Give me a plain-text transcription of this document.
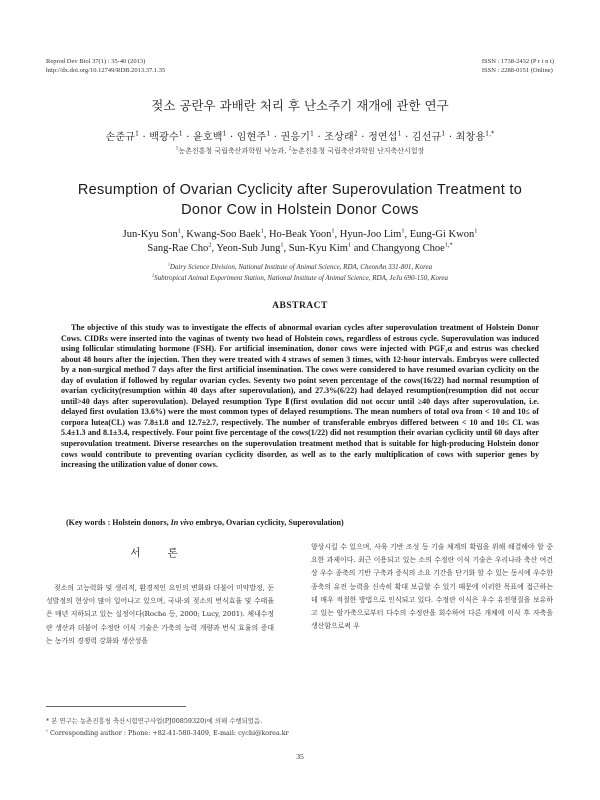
Reprod Dev Biol 37(1) : 35-40 (2013)
http://dx.doi.org/10.12749/RDB.2013.37.1.35
ISSN : 1738-2432 (P r i n t)
ISSN : 2288-0151 (Online)
젖소 공란우 과배란 처리 후 난소주기 재개에 관한 연구
손준규$^1$ · 백광수$^1$ · 윤호백$^1$ · 임현주$^1$ · 권응기$^1$ · 조상래$^2$ · 정연섭$^1$ · 김선규$^1$ · 최창용$^{1,*}$
$^1$농촌진흥청 국립축산과학원 낙농과, $^2$농촌진흥청 국립축산과학원 난지축산시험장
Resumption of Ovarian Cyclicity after Superovulation Treatment to
Donor Cow in Holstein Donor Cows
Jun-Kyu Son$^1$, Kwang-Soo Baek$^1$, Ho-Beak Yoon$^1$, Hyun-Joo Lim$^1$, Eung-Gi Kwon$^1$
Sang-Rae Cho$^2$, Yeon-Sub Jung$^1$, Sun-Kyu Kim$^1$ and Changyong Choe$^{1,*}$
$^1$Dairy Science Division, National Institute of Animal Science, RDA, CheonAn 331-801, Korea
$^2$Subtropical Animal Experiment Station, National Institute of Animal Science, RDA, JeJu 690-150, Korea
ABSTRACT
The objective of this study was to investigate the effects of abnormal ovarian cycles after superovulation treatment of Holstein Donor Cows. CIDRs were inserted into the vaginas of twenty two head of Holstein cows, regardless of estrous cycle. Superovulation was induced using follicular stimulating hormone (FSH). For artificial insemination, donor cows were injected with PGF₂α and estrus was checked about 48 hours after the injection. Then they were treated with 4 straws of semen 3 times, with 12-hour intervals. Embryos were collected by a non-surgical method 7 days after the first artificial insemination. The cows were considered to have resumed ovarian cyclicity on the day of ovulation if followed by regular ovarian cycles. Seventy two point seven percentage of the cows(16/22) had normal resumption of ovarian cyclicity(resumption within 40 days after superovulation), and 27.3%(6/22) had delayed resumption(resumption did not occur until>40 days after superovulation). Delayed resumption Type Ⅱ(first ovulation did not occur until ≥40 days after superovulation, i.e. delayed first ovulation 13.6%) were the most common types of delayed resumptions. The mean numbers of total ova from < 10 and 10≤ of corpora lutea(CL) was 7.8±1.8 and 12.7±2.7, respectively. The number of transferable embryos differed between < 10 and 10≤ CL was 5.4±1.3 and 8.1±3.4, respectively. Four point five percentage of the cows(1/22) did not resumption their ovarian cyclicity until 60 days after superovulation treatment. Diverse researches on the superovulation treatment method that is suitable for high-producing Holstein donor cows would contribute to preventing ovarian cyclicity disorder, as well as to the early multiplication of cows with superior genes by increasing the utilization value of donor cows.
(Key words : Holstein donors, In vivo embryo, Ovarian cyclicity, Superovulation)
서 론
젖소의 고능력화 및 생리적, 환경적인 요인의 변화와 더불어 미약발정, 둔성발정의 현상이 많이 일어나고 있으며, 국내·외 젖소의 번식효율 및 수태율은 매년 저하되고 있는 실정이다(Roche 등, 2000; Lucy, 2001). 체내수정란 생산과 더불어 수정란 이식 기술은 가축의 능력 개량과 번식 효율의 증대는 농가의 경쟁력 강화와 생산성을
향상시킬 수 있으며, 사육 기반 조성 등 기술 체계의 확립을 위해 해결해야 할 중요한 과제이다. 최근 이용되고 있는 소의 수정란 이식 기술은 우리나라 축산 여건상 우수 종축의 기반 구축과 증식의 소요 기간을 단기화 할 수 있는 동시에 우수한 종축의 유전 능력을 신속히 확대 보급할 수 있기 때문에 이러한 목표에 접근하는데 매우 적절한 방법으로 인식되고 있다. 수정란 이식은 우수 유전형질을 보유하고 있는 암가축으로부터 다수의 수정란을 회수하여 다른 개체에 이식 후 자축을 생산함으로써 우
* 본 연구는 농촌진흥청 축산시험연구사업(PJ00859320)에 의해 수행되었음.
† Corresponding author : Phone: +82-41-580-3409, E-mail: cychi@korea.kr
35
